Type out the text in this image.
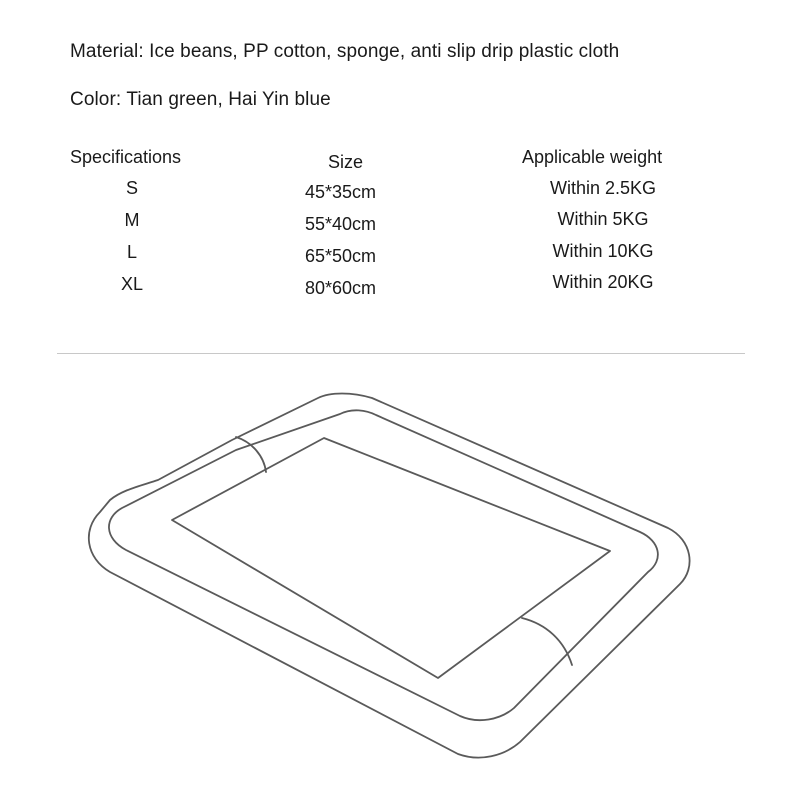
Material: Ice beans, PP cotton, sponge, anti slip drip plastic cloth
Color: Tian green, Hai Yin blue
Specifications	Size	Applicable weight
S	45*35cm	Within 2.5KG
M	55*40cm	Within 5KG
L	65*50cm	Within 10KG
XL	80*60cm	Within 20KG
